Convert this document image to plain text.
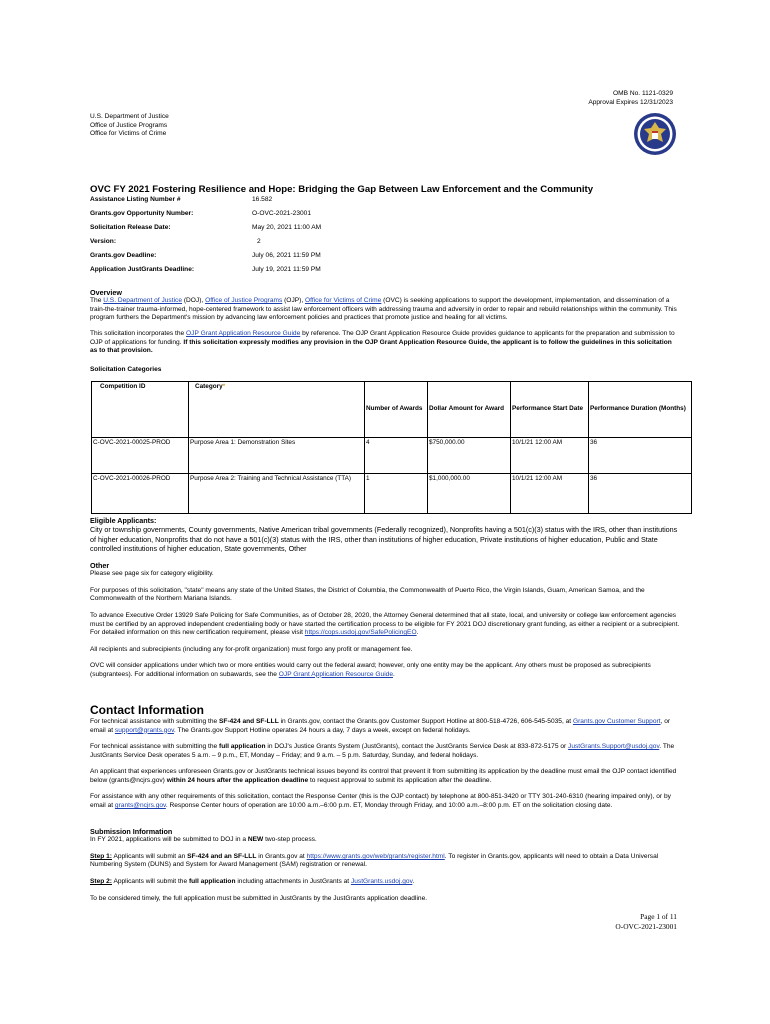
OMB No. 1121-0329
Approval Expires 12/31/2023
U.S. Department of Justice
Office of Justice Programs
Office for Victims of Crime
OVC FY 2021 Fostering Resilience and Hope: Bridging the Gap Between Law Enforcement and the Community
Assistance Listing Number #	16.582
Grants.gov Opportunity Number:	O-OVC-2021-23001
Solicitation Release Date:	May 20, 2021 11:00 AM
Version:	2
Grants.gov Deadline:	July 06, 2021 11:59 PM
Application JustGrants Deadline:	July 19, 2021 11:59 PM
Overview

The U.S. Department of Justice (DOJ), Office of Justice Programs (OJP), Office for Victims of Crime (OVC) is seeking applications to support the development, implementation, and dissemination of a train-the-trainer trauma-informed, hope-centered framework to assist law enforcement officers with addressing trauma and adversity in order to repair and rebuild relationships within the community. This program furthers the Department's mission by advancing law enforcement policies and practices that promote justice and healing for all victims.

This solicitation incorporates the OJP Grant Application Resource Guide by reference. The OJP Grant Application Resource Guide provides guidance to applicants for the preparation and submission to OJP of applications for funding. If this solicitation expressly modifies any provision in the OJP Grant Application Resource Guide, the applicant is to follow the guidelines in this solicitation as to that provision.

Solicitation Categories
Competition ID	Category*	Number of Awards	Dollar Amount for Award	Performance Start Date	Performance Duration (Months)
C-OVC-2021-00025-PROD	Purpose Area 1: Demonstration Sites	4	$750,000.00	10/1/21 12:00 AM	36
C-OVC-2021-00026-PROD	Purpose Area 2: Training and Technical Assistance (TTA)	1	$1,000,000.00	10/1/21 12:00 AM	36
Eligible Applicants:

City or township governments, County governments, Native American tribal governments (Federally recognized), Nonprofits having a 501(c)(3) status with the IRS, other than institutions of higher education, Nonprofits that do not have a 501(c)(3) status with the IRS, other than institutions of higher education, Private institutions of higher education, Public and State controlled institutions of higher education, State governments, Other

Other

Please see page six for category eligibility.

For purposes of this solicitation, "state" means any state of the United States, the District of Columbia, the Commonwealth of Puerto Rico, the Virgin Islands, Guam, American Samoa, and the Commonwealth of the Northern Mariana Islands.

To advance Executive Order 13929 Safe Policing for Safe Communities, as of October 28, 2020, the Attorney General determined that all state, local, and university or college law enforcement agencies must be certified by an approved independent credentialing body or have started the certification process to be eligible for FY 2021 DOJ discretionary grant funding, as either a recipient or a subrecipient. For detailed information on this new certification requirement, please visit https://cops.usdoj.gov/SafePolicingEO.

All recipients and subrecipients (including any for-profit organization) must forgo any profit or management fee.

OVC will consider applications under which two or more entities would carry out the federal award; however, only one entity may be the applicant. Any others must be proposed as subrecipients (subgrantees). For additional information on subawards, see the OJP Grant Application Resource Guide.

Contact Information

For technical assistance with submitting the SF-424 and SF-LLL in Grants.gov, contact the Grants.gov Customer Support Hotline at 800-518-4726, 606-545-5035, at Grants.gov Customer Support, or email at support@grants.gov. The Grants.gov Support Hotline operates 24 hours a day, 7 days a week, except on federal holidays.

For technical assistance with submitting the full application in DOJ's Justice Grants System (JustGrants), contact the JustGrants Service Desk at 833-872-5175 or JustGrants.Support@usdoj.gov. The JustGrants Service Desk operates 5 a.m. – 9 p.m., ET, Monday – Friday; and 9 a.m. – 5 p.m. Saturday, Sunday, and federal holidays.

An applicant that experiences unforeseen Grants.gov or JustGrants technical issues beyond its control that prevent it from submitting its application by the deadline must email the OJP contact identified below (grants@ncjrs.gov) within 24 hours after the application deadline to request approval to submit its application after the deadline.

For assistance with any other requirements of this solicitation, contact the Response Center (this is the OJP contact) by telephone at 800-851-3420 or TTY 301-240-6310 (hearing impaired only), or by email at grants@ncjrs.gov. Response Center hours of operation are 10:00 a.m.–6:00 p.m. ET, Monday through Friday, and 10:00 a.m.–8:00 p.m. ET on the solicitation closing date.

Submission Information

In FY 2021, applications will be submitted to DOJ in a NEW two-step process.

Step 1: Applicants will submit an SF-424 and an SF-LLL in Grants.gov at https://www.grants.gov/web/grants/register.html. To register in Grants.gov, applicants will need to obtain a Data Universal Numbering System (DUNS) and System for Award Management (SAM) registration or renewal.

Step 2: Applicants will submit the full application including attachments in JustGrants at JustGrants.usdoj.gov.

To be considered timely, the full application must be submitted in JustGrants by the JustGrants application deadline.

Page 1 of 11
O-OVC-2021-23001
